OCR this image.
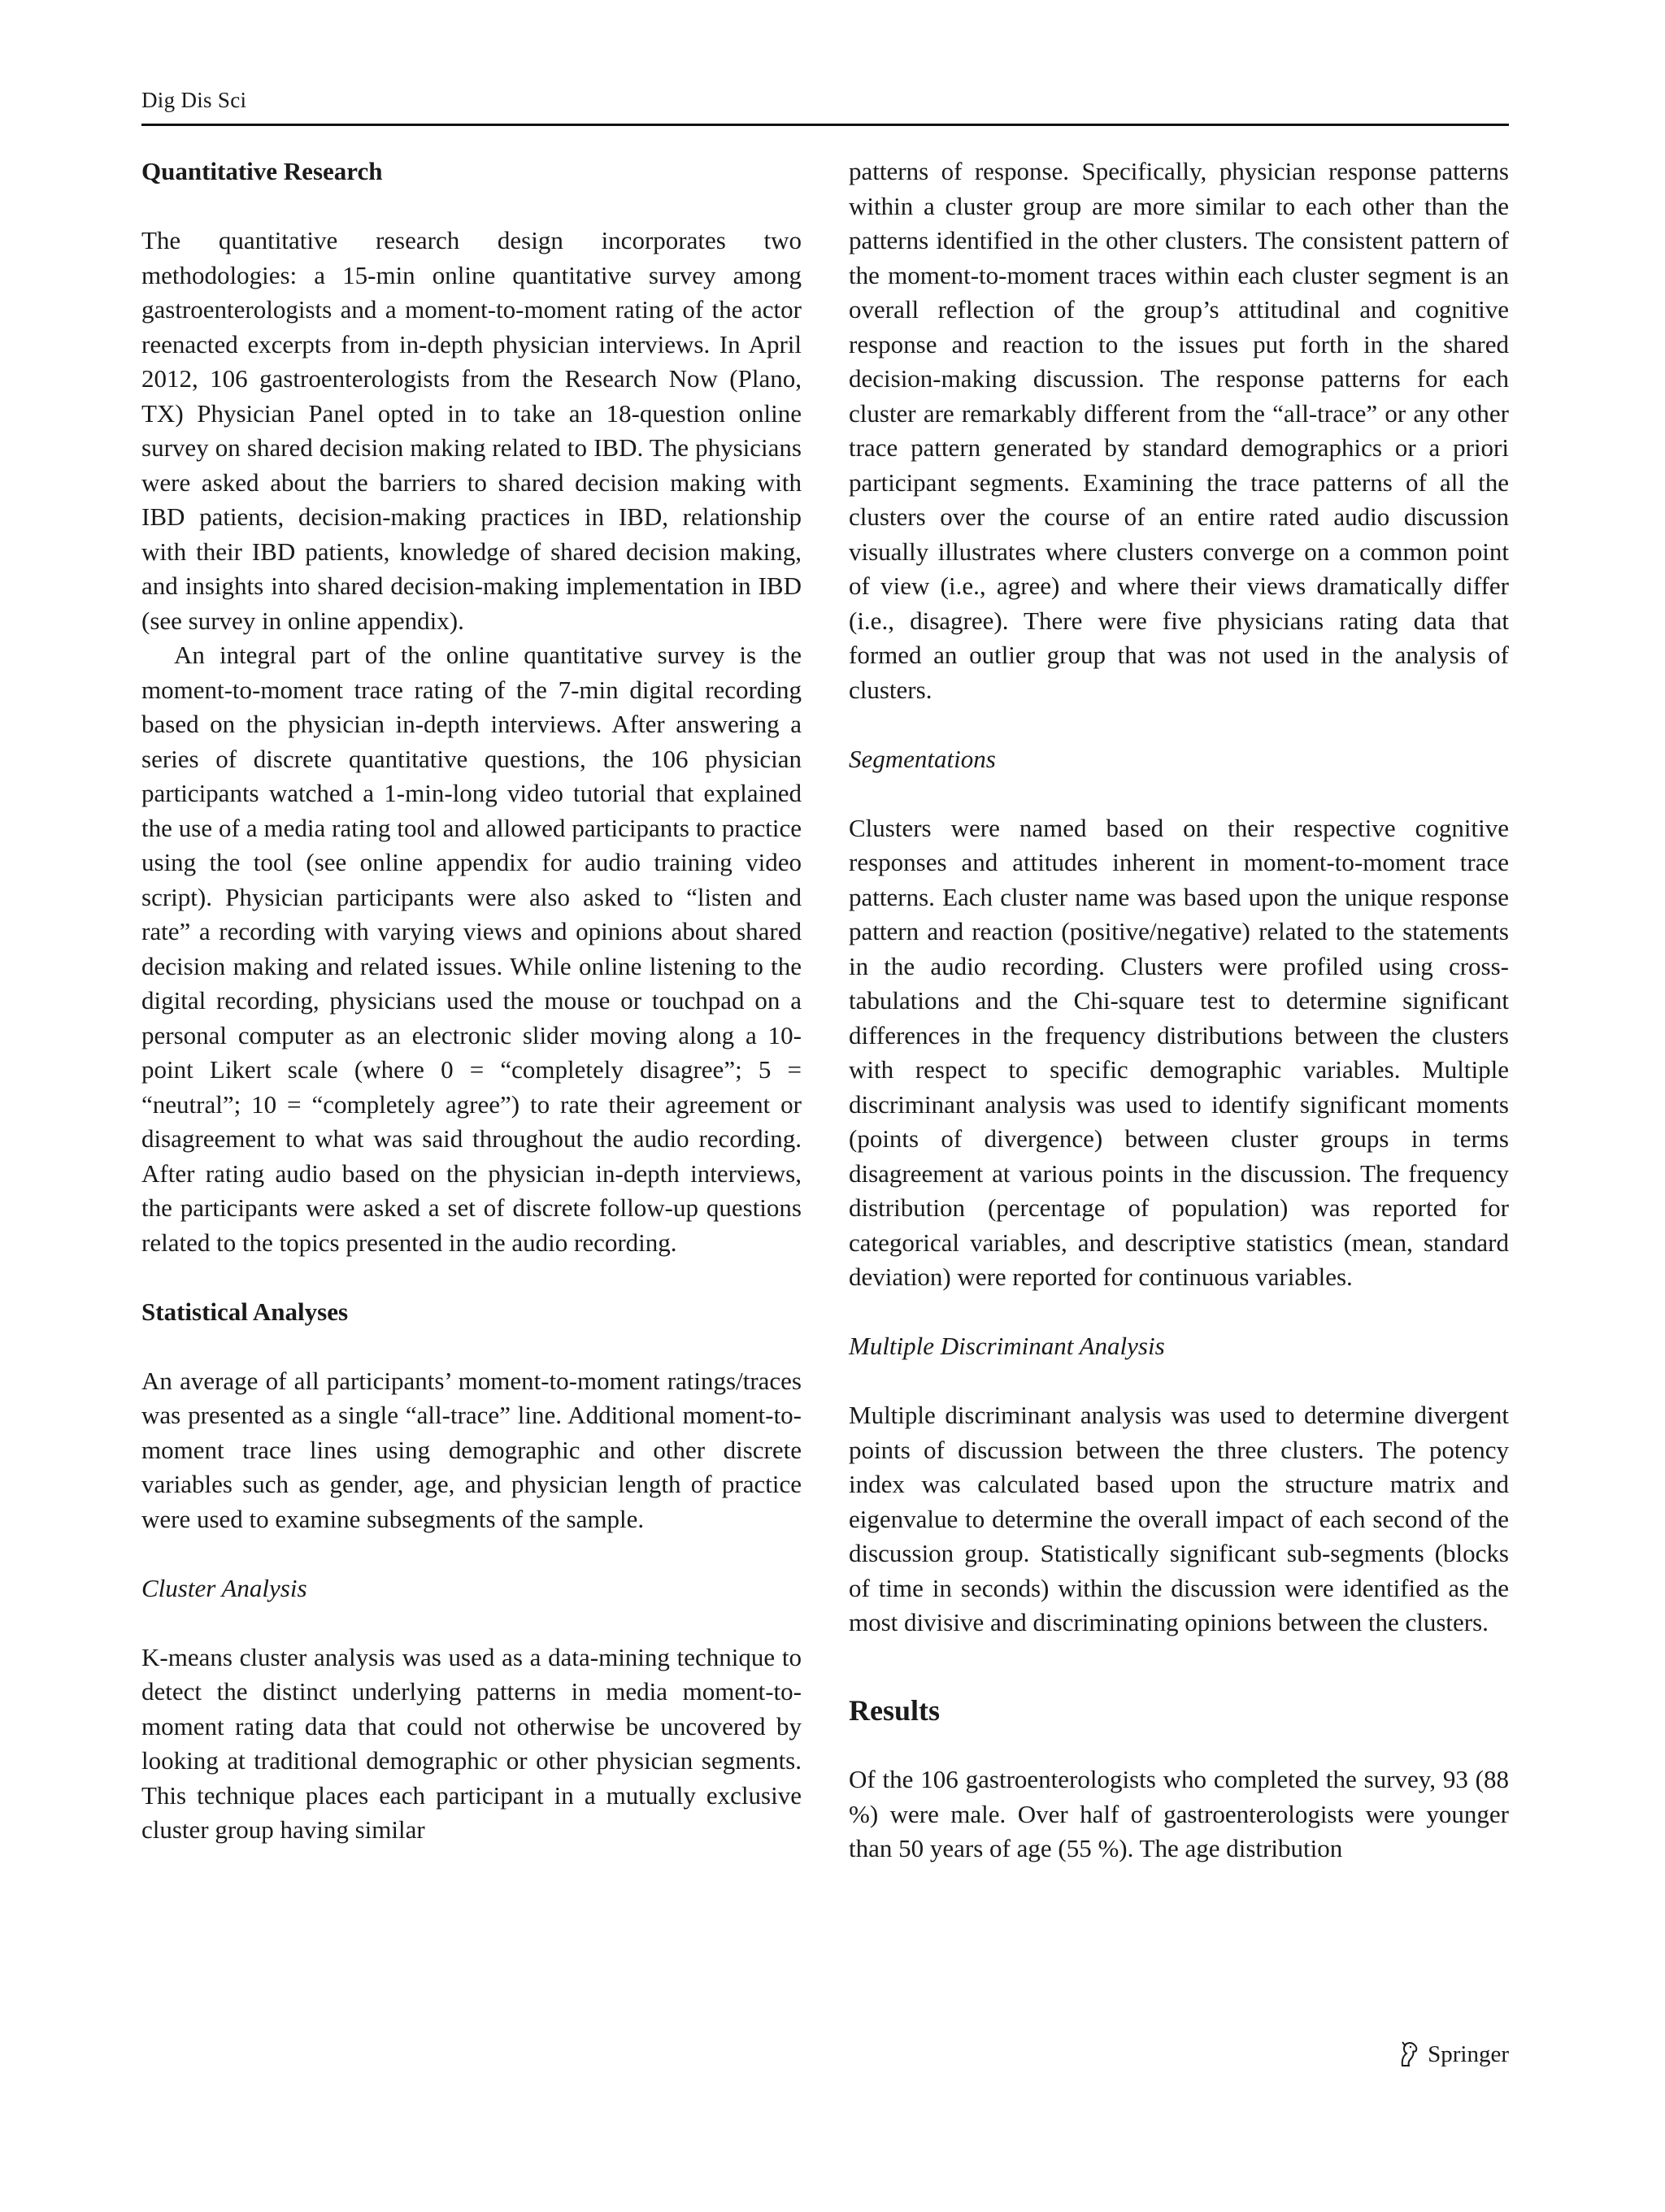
Dig Dis Sci
Quantitative Research

The quantitative research design incorporates two methodologies: a 15-min online quantitative survey among gastroenterologists and a moment-to-moment rating of the actor reenacted excerpts from in-depth physician interviews. In April 2012, 106 gastroenterologists from the Research Now (Plano, TX) Physician Panel opted in to take an 18-question online survey on shared decision making related to IBD. The physicians were asked about the barriers to shared decision making with IBD patients, decision-making practices in IBD, relationship with their IBD patients, knowledge of shared decision making, and insights into shared decision-making implementation in IBD (see survey in online appendix).

An integral part of the online quantitative survey is the moment-to-moment trace rating of the 7-min digital recording based on the physician in-depth interviews. After answering a series of discrete quantitative questions, the 106 physician participants watched a 1-min-long video tutorial that explained the use of a media rating tool and allowed participants to practice using the tool (see online appendix for audio training video script). Physician participants were also asked to “listen and rate” a recording with varying views and opinions about shared decision making and related issues. While online listening to the digital recording, physicians used the mouse or touchpad on a personal computer as an electronic slider moving along a 10-point Likert scale (where 0 = “completely disagree”; 5 = “neutral”; 10 = “completely agree”) to rate their agreement or disagreement to what was said throughout the audio recording. After rating audio based on the physician in-depth interviews, the participants were asked a set of discrete follow-up questions related to the topics presented in the audio recording.

Statistical Analyses

An average of all participants’ moment-to-moment ratings/traces was presented as a single “all-trace” line. Additional moment-to-moment trace lines using demographic and other discrete variables such as gender, age, and physician length of practice were used to examine subsegments of the sample.

Cluster Analysis

K-means cluster analysis was used as a data-mining technique to detect the distinct underlying patterns in media moment-to-moment rating data that could not otherwise be uncovered by looking at traditional demographic or other physician segments. This technique places each participant in a mutually exclusive cluster group having similar

patterns of response. Specifically, physician response patterns within a cluster group are more similar to each other than the patterns identified in the other clusters. The consistent pattern of the moment-to-moment traces within each cluster segment is an overall reflection of the group’s attitudinal and cognitive response and reaction to the issues put forth in the shared decision-making discussion. The response patterns for each cluster are remarkably different from the “all-trace” or any other trace pattern generated by standard demographics or a priori participant segments. Examining the trace patterns of all the clusters over the course of an entire rated audio discussion visually illustrates where clusters converge on a common point of view (i.e., agree) and where their views dramatically differ (i.e., disagree). There were five physicians rating data that formed an outlier group that was not used in the analysis of clusters.

Segmentations

Clusters were named based on their respective cognitive responses and attitudes inherent in moment-to-moment trace patterns. Each cluster name was based upon the unique response pattern and reaction (positive/negative) related to the statements in the audio recording. Clusters were profiled using cross-tabulations and the Chi-square test to determine significant differences in the frequency distributions between the clusters with respect to specific demographic variables. Multiple discriminant analysis was used to identify significant moments (points of divergence) between cluster groups in terms disagreement at various points in the discussion. The frequency distribution (percentage of population) was reported for categorical variables, and descriptive statistics (mean, standard deviation) were reported for continuous variables.

Multiple Discriminant Analysis

Multiple discriminant analysis was used to determine divergent points of discussion between the three clusters. The potency index was calculated based upon the structure matrix and eigenvalue to determine the overall impact of each second of the discussion group. Statistically significant sub-segments (blocks of time in seconds) within the discussion were identified as the most divisive and discriminating opinions between the clusters.

Results

Of the 106 gastroenterologists who completed the survey, 93 (88 %) were male. Over half of gastroenterologists were younger than 50 years of age (55 %). The age distribution

Springer
